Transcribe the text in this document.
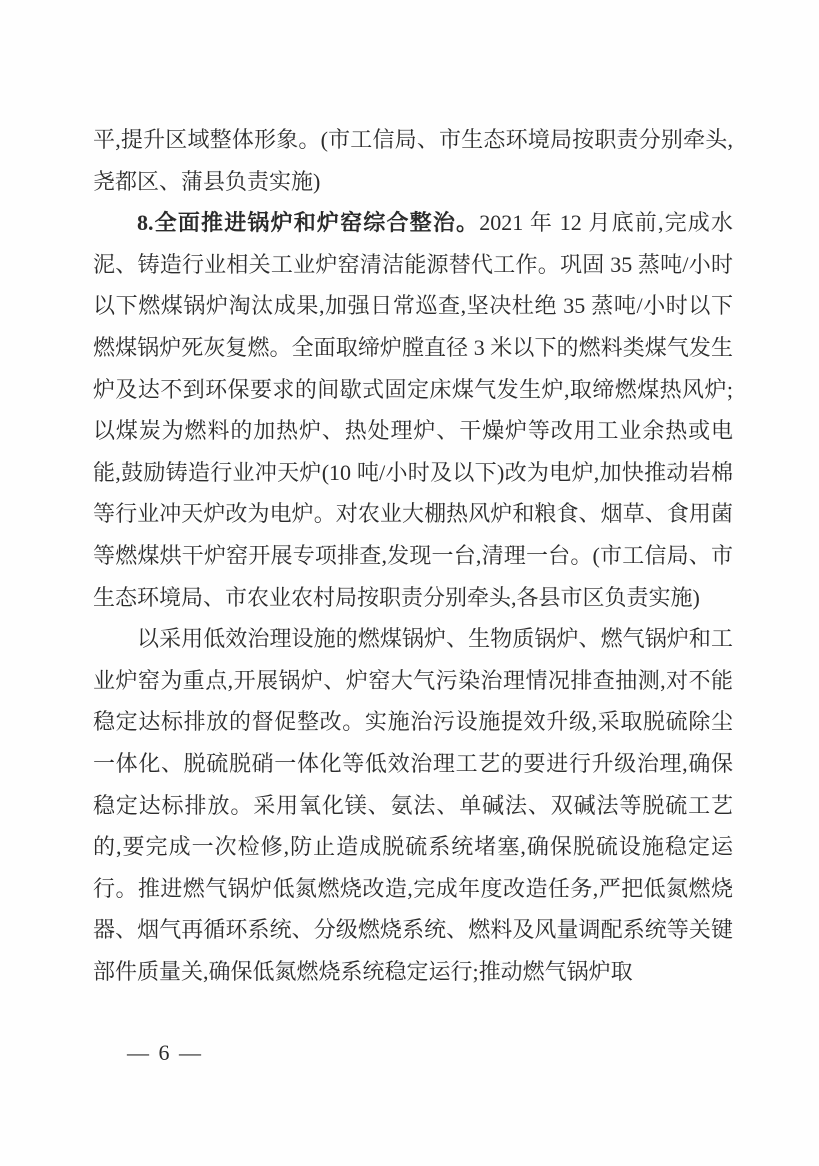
平,提升区域整体形象。(市工信局、市生态环境局按职责分别牵头,尧都区、蒲县负责实施)

8.全面推进锅炉和炉窑综合整治。2021 年 12 月底前,完成水泥、铸造行业相关工业炉窑清洁能源替代工作。巩固 35 蒸吨/小时以下燃煤锅炉淘汰成果,加强日常巡查,坚决杜绝 35 蒸吨/小时以下燃煤锅炉死灰复燃。全面取缔炉膛直径 3 米以下的燃料类煤气发生炉及达不到环保要求的间歇式固定床煤气发生炉,取缔燃煤热风炉;以煤炭为燃料的加热炉、热处理炉、干燥炉等改用工业余热或电能,鼓励铸造行业冲天炉(10 吨/小时及以下)改为电炉,加快推动岩棉等行业冲天炉改为电炉。对农业大棚热风炉和粮食、烟草、食用菌等燃煤烘干炉窑开展专项排查,发现一台,清理一台。(市工信局、市生态环境局、市农业农村局按职责分别牵头,各县市区负责实施)

以采用低效治理设施的燃煤锅炉、生物质锅炉、燃气锅炉和工业炉窑为重点,开展锅炉、炉窑大气污染治理情况排查抽测,对不能稳定达标排放的督促整改。实施治污设施提效升级,采取脱硫除尘一体化、脱硫脱硝一体化等低效治理工艺的要进行升级治理,确保稳定达标排放。采用氧化镁、氨法、单碱法、双碱法等脱硫工艺的,要完成一次检修,防止造成脱硫系统堵塞,确保脱硫设施稳定运行。推进燃气锅炉低氮燃烧改造,完成年度改造任务,严把低氮燃烧器、烟气再循环系统、分级燃烧系统、燃料及风量调配系统等关键部件质量关,确保低氮燃烧系统稳定运行;推动燃气锅炉取

— 6 —
